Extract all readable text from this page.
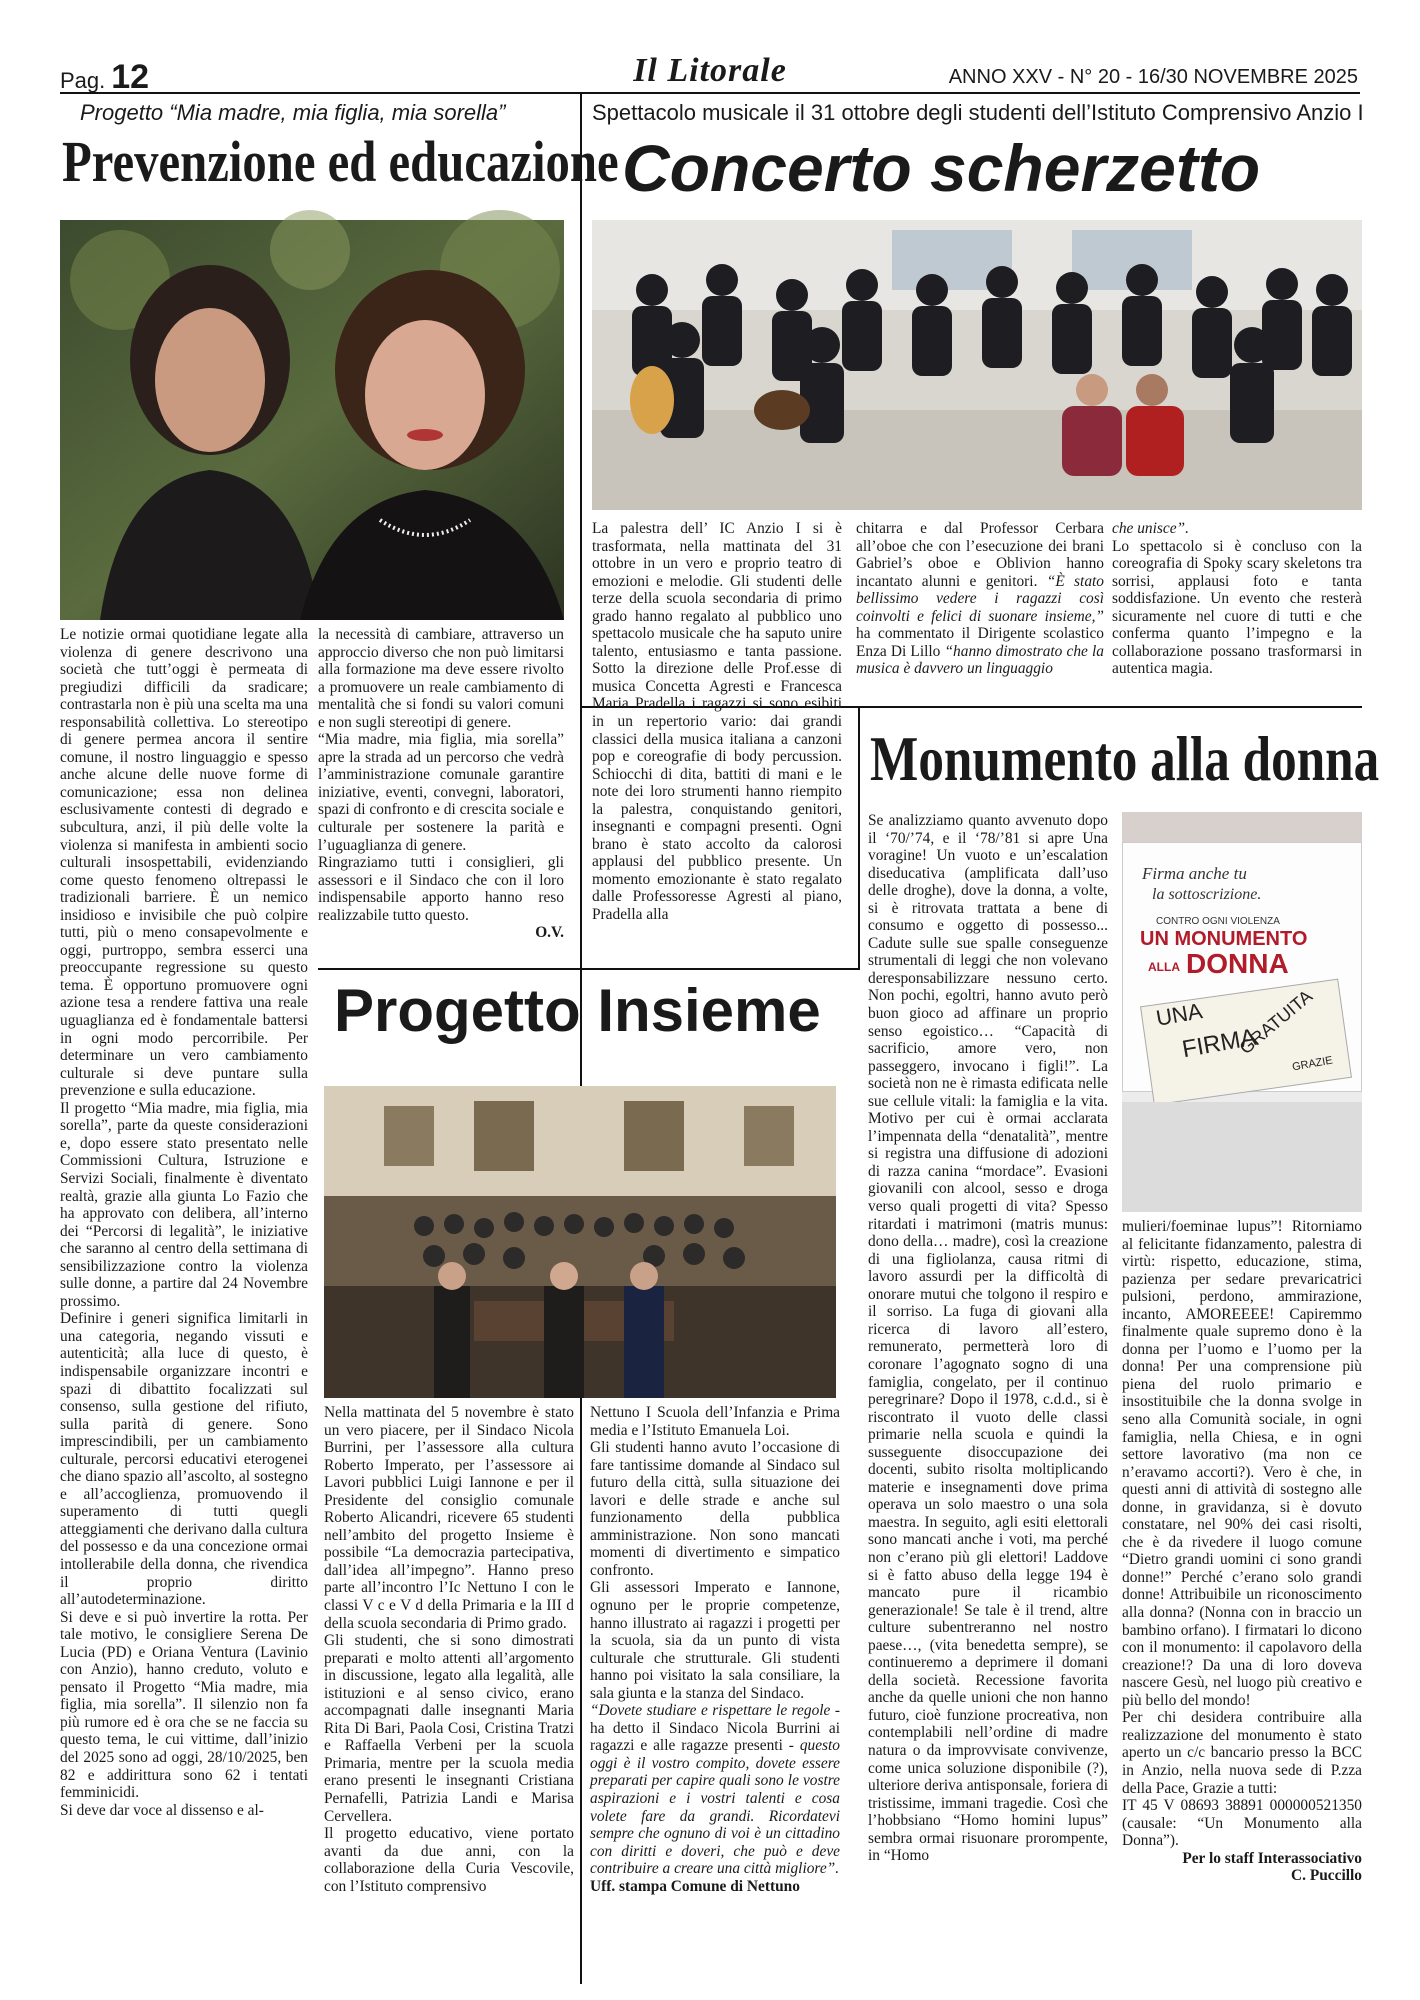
Pag. 12	Il Litorale	ANNO XXV - N° 20 - 16/30 NOVEMBRE 2025
Progetto “Mia madre, mia figlia, mia sorella”
Prevenzione ed educazione

Le notizie ormai quotidiane legate alla violenza di genere descrivono una società che tutt’oggi è permeata di pregiudizi difficili da sradicare; contrastarla non è più una scelta ma una responsabilità collettiva. Lo stereotipo di genere permea ancora il sentire comune, il nostro linguaggio e spesso anche alcune delle nuove forme di comunicazione; essa non delinea esclusivamente contesti di degrado e subcultura, anzi, il più delle volte la violenza si manifesta in ambienti socio culturali insospettabili, evidenziando come questo fenomeno oltrepassi le tradizionali barriere. È un nemico insidioso e invisibile che può colpire tutti, più o meno consapevolmente e oggi, purtroppo, sembra esserci una preoccupante regressione su questo tema. È opportuno promuovere ogni azione tesa a rendere fattiva una reale uguaglianza ed è fondamentale battersi in ogni modo percorribile. Per determinare un vero cambiamento culturale si deve puntare sulla prevenzione e sulla educazione.

Il progetto “Mia madre, mia figlia, mia sorella”, parte da queste considerazioni e, dopo essere stato presentato nelle Commissioni Cultura, Istruzione e Servizi Sociali, finalmente è diventato realtà, grazie alla giunta Lo Fazio che ha approvato con delibera, all’interno dei “Percorsi di legalità”, le iniziative che saranno al centro della settimana di sensibilizzazione contro la violenza sulle donne, a partire dal 24 Novembre prossimo.

Definire i generi significa limitarli in una categoria, negando vissuti e autenticità; alla luce di questo, è indispensabile organizzare incontri e spazi di dibattito focalizzati sul consenso, sulla gestione del rifiuto, sulla parità di genere. Sono imprescindibili, per un cambiamento culturale, percorsi educativi eterogenei che diano spazio all’ascolto, al sostegno e all’accoglienza, promuovendo il superamento di tutti quegli atteggiamenti che derivano dalla cultura del possesso e da una concezione ormai intollerabile della donna, che rivendica il proprio diritto all’autodeterminazione.

Si deve e si può invertire la rotta. Per tale motivo, le consigliere Serena De Lucia (PD) e Oriana Ventura (Lavinio con Anzio), hanno creduto, voluto e pensato il Progetto “Mia madre, mia figlia, mia sorella”. Il silenzio non fa più rumore ed è ora che se ne faccia su questo tema, le cui vittime, dall’inizio del 2025 sono ad oggi, 28/10/2025, ben 82 e addirittura sono 62 i tentati femminicidi.

Si deve dar voce al dissenso e al-

la necessità di cambiare, attraverso un approccio diverso che non può limitarsi alla formazione ma deve essere rivolto a promuovere un reale cambiamento di mentalità che si fondi su valori comuni e non sugli stereotipi di genere.

“Mia madre, mia figlia, mia sorella” apre la strada ad un percorso che vedrà l’amministrazione comunale garantire iniziative, eventi, convegni, laboratori, spazi di confronto e di crescita sociale e culturale per sostenere la parità e l’uguaglianza di genere.

Ringraziamo tutti i consiglieri, gli assessori e il Sindaco che con il loro indispensabile apporto hanno reso realizzabile tutto questo.

O.V.

Spettacolo musicale il 31 ottobre degli studenti dell’Istituto Comprensivo Anzio I
Concerto scherzetto

La palestra dell’ IC Anzio I si è trasformata, nella mattinata del 31 ottobre in un vero e proprio teatro di emozioni e melodie. Gli studenti delle terze della scuola secondaria di primo grado hanno regalato al pubblico uno spettacolo musicale che ha saputo unire talento, entusiasmo e tanta passione. Sotto la direzione delle Prof.esse di musica Concetta Agresti e Francesca Maria Pradella i ragazzi si sono esibiti in un repertorio vario: dai grandi classici della musica italiana a canzoni pop e coreografie di body percussion. Schiocchi di dita, battiti di mani e le note dei loro strumenti hanno riempito la palestra, conquistando genitori, insegnanti e compagni presenti. Ogni brano è stato accolto da calorosi applausi del pubblico presente. Un momento emozionante è stato regalato dalle Professoresse Agresti al piano, Pradella alla

chitarra e dal Professor Cerbara all’oboe che con l’esecuzione dei brani Gabriel’s oboe e Oblivion hanno incantato alunni e genitori. “È stato bellissimo vedere i ragazzi così coinvolti e felici di suonare insieme,” ha commentato il Dirigente scolastico Enza Di Lillo “hanno dimostrato che la musica è davvero un linguaggio

che unisce”.

Lo spettacolo si è concluso con la coreografia di Spoky scary skeletons tra sorrisi, applausi foto e tanta soddisfazione. Un evento che resterà sicuramente nel cuore di tutti e che conferma quanto l’impegno e la collaborazione possano trasformarsi in autentica magia.

Progetto Insieme

Nella mattinata del 5 novembre è stato un vero piacere, per il Sindaco Nicola Burrini, per l’assessore alla cultura Roberto Imperato, per l’assessore ai Lavori pubblici Luigi Iannone e per il Presidente del consiglio comunale Roberto Alicandri, ricevere 65 studenti nell’ambito del progetto Insieme è possibile “La democrazia partecipativa, dall’idea all’impegno”. Hanno preso parte all’incontro l’Ic Nettuno I con le classi V c e V d della Primaria e la III d della scuola secondaria di Primo grado.

Gli studenti, che si sono dimostrati preparati e molto attenti all’argomento in discussione, legato alla legalità, alle istituzioni e al senso civico, erano accompagnati dalle insegnanti Maria Rita Di Bari, Paola Cosi, Cristina Tratzi e Raffaella Verbeni per la scuola Primaria, mentre per la scuola media erano presenti le insegnanti Cristiana Pernafelli, Patrizia Landi e Marisa Cervellera.

Il progetto educativo, viene portato avanti da due anni, con la collaborazione della Curia Vescovile, con l’Istituto comprensivo

Nettuno I Scuola dell’Infanzia e Prima media e l’Istituto Emanuela Loi.

Gli studenti hanno avuto l’occasione di fare tantissime domande al Sindaco sul futuro della città, sulla situazione dei lavori e delle strade e anche sul funzionamento della pubblica amministrazione. Non sono mancati momenti di divertimento e simpatico confronto.

Gli assessori Imperato e Iannone, ognuno per le proprie competenze, hanno illustrato ai ragazzi i progetti per la scuola, sia da un punto di vista culturale che strutturale. Gli studenti hanno poi visitato la sala consiliare, la sala giunta e la stanza del Sindaco.

“Dovete studiare e rispettare le regole - ha detto il Sindaco Nicola Burrini ai ragazzi e alle ragazze presenti - questo oggi è il vostro compito, dovete essere preparati per capire quali sono le vostre aspirazioni e i vostri talenti e cosa volete fare da grandi. Ricordatevi sempre che ognuno di voi è un cittadino con diritti e doveri, che può e deve contribuire a creare una città migliore”.

Uff. stampa Comune di Nettuno

Monumento alla donna
Firma anche tu
la sottoscrizione.
CONTRO OGNI VIOLENZA
UN MONUMENTO
ALLA DONNA
UNA
FIRMA
GRATUITA
GRAZIE

Se analizziamo quanto avvenuto dopo il ‘70/’74, e il ‘78/’81 si apre Una voragine! Un vuoto e un’escalation diseducativa (amplificata dall’uso delle droghe), dove la donna, a volte, si è ritrovata trattata a bene di consumo e oggetto di possesso... Cadute sulle sue spalle conseguenze strumentali di leggi che non volevano deresponsabilizzare nessuno certo. Non pochi, egoltri, hanno avuto però buon gioco ad affinare un proprio senso egoistico… “Capacità di sacrificio, amore vero, non passeggero, invocano i figli!”. La società non ne è rimasta edificata nelle sue cellule vitali: la famiglia e la vita. Motivo per cui è ormai acclarata l’impennata della “denatalità”, mentre si registra una diffusione di adozioni di razza canina “mordace”. Evasioni giovanili con alcool, sesso e droga verso quali progetti di vita? Spesso ritardati i matrimoni (matris munus: dono della… madre), così la creazione di una figliolanza, causa ritmi di lavoro assurdi per la difficoltà di onorare mutui che tolgono il respiro e il sorriso. La fuga di giovani alla ricerca di lavoro all’estero, remunerato, permetterà loro di coronare l’agognato sogno di una famiglia, congelato, per il continuo peregrinare? Dopo il 1978, c.d.d., si è riscontrato il vuoto delle classi primarie nella scuola e quindi la susseguente disoccupazione dei docenti, subito risolta moltiplicando materie e insegnamenti dove prima operava un solo maestro o una sola maestra. In seguito, agli esiti elettorali sono mancati anche i voti, ma perché non c’erano più gli elettori! Laddove si è fatto abuso della legge 194 è mancato pure il ricambio generazionale! Se tale è il trend, altre culture subentreranno nel nostro paese…, (vita benedetta sempre), se continueremo a deprimere il domani della società. Recessione favorita anche da quelle unioni che non hanno futuro, cioè funzione procreativa, non contemplabili nell’ordine di madre natura o da improvvisate convivenze, come unica soluzione disponibile (?), ulteriore deriva antisponsale, foriera di tristissime, immani tragedie. Così che l’hobbsiano “Homo homini lupus” sembra ormai risuonare prorompente, in “Homo

mulieri/foeminae lupus”! Ritorniamo al felicitante fidanzamento, palestra di virtù: rispetto, educazione, stima, pazienza per sedare prevaricatrici pulsioni, perdono, ammirazione, incanto, AMOREEEE! Capiremmo finalmente quale supremo dono è la donna per l’uomo e l’uomo per la donna! Per una comprensione più piena del ruolo primario e insostituibile che la donna svolge in seno alla Comunità sociale, in ogni famiglia, nella Chiesa, e in ogni settore lavorativo (ma non ce n’eravamo accorti?). Vero è che, in questi anni di attività di sostegno alle donne, in gravidanza, si è dovuto constatare, nel 90% dei casi risolti, che è da rivedere il luogo comune “Dietro grandi uomini ci sono grandi donne!” Perché c’erano solo grandi donne! Attribuibile un riconoscimento alla donna? (Nonna con in braccio un bambino orfano). I firmatari lo dicono con il monumento: il capolavoro della creazione!? Da una di loro doveva nascere Gesù, nel luogo più creativo e più bello del mondo!

Per chi desidera contribuire alla realizzazione del monumento è stato aperto un c/c bancario presso la BCC in Anzio, nella nuova sede di P.zza della Pace, Grazie a tutti:

IT 45 V 08693 38891 000000521350 (causale: “Un Monumento alla Donna”).

Per lo staff Interassociativo

C. Puccillo
